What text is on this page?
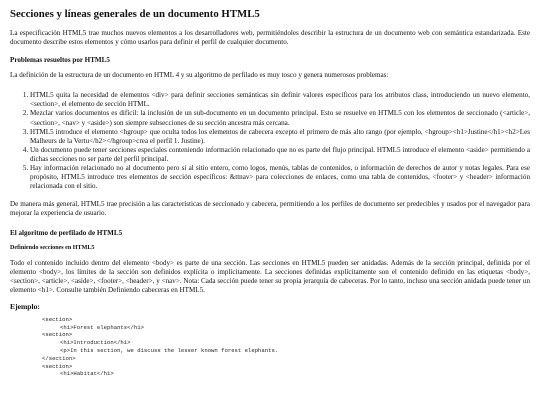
Secciones y líneas generales de un documento HTML5

La especificación HTML5 trae muchos nuevos elementos a los desarrolladores web, permitiéndoles describir la estructura de un documento web con semántica estandarizada. Este documento describe estos elementos y cómo usarlos para definir el perfil de cualquier documento.

Problemas resueltos por HTML5

La definición de la estructura de un documento en HTML 4 y su algoritmo de perfilado es muy tosco y genera numerosos problemas:

1. HTML5 quita la necesidad de elementos <div> para definir secciones semánticas sin definir valores específicos para los atributos class, introduciendo un nuevo elemento, <section>, el elemento de sección HTML.
2. Mezclar varios documentos es difícil: la inclusión de un sub-documento en un documento principal. Esto se resuelve en HTML5 con los elementos de seccionado (<article>, <section>, <nav> y <aside>) son siempre subsecciones de su sección ancestra más cercana.
3. HTML5 introduce el elemento <hgroup> que oculta todos los elementos de cabecera excepto el primero de más alto rango (por ejemplo, <hgroup><h1>Justine</h1><h2>Les Malheurs de la Vertu</h2></hgroup>crea el perfil 1. Justine).
4. Un documento puede tener secciones especiales conteniendo información relacionado que no es parte del flujo principal. HTML5 introduce el elemento <aside> permitiendo a dichas secciones no ser parte del perfil principal.
5. Hay información relacionado no al documento pero si al sitio entero, como logos, menús, tablas de contenidos, o información de derechos de autor y notas legales. Para ese propósito, HTML5 introduce tres elementos de sección específicos: &ttnav> para colecciones de enlaces, como una tabla de contenidos, <footer> y <header> información relacionada con el sitio.

De manera más general, HTML5 trae precisión a las características de seccionado y cabecera, permitiendo a los perfiles de documento ser predecibles y usados por el navegador para mejorar la experiencia de usuario.

El algoritmo de perfilado de HTML5
Definiendo secciones en HTML5

Todo el contenido incluido dentro del elemento <body> es parte de una sección. Las secciones en HTML5 pueden ser anidadas. Además de la sección principal, definida por el elemento <body>, los límites de la sección son definidos explícita o implícitamente. La secciones definidas explícitamente son el contenido definido en las etiquetas <body>, <section>, <article>, <aside>, <footer>, <header>, y <nav>. Nota: Cada sección puede tener su propia jerarquía de cabeceras. Por lo tanto, incluso una sección anidada puede tener un elemento <h1>. Consulte también Definiendo cabeceras en HTML5.

Ejemplo:
<section>
<h1>Forest elephants</h1>
<section>
<h1>Introduction</h1>
<p>In this section, we discuss the lesser known forest elephants.
</section>
<section>
<h1>Habitat</h1>
